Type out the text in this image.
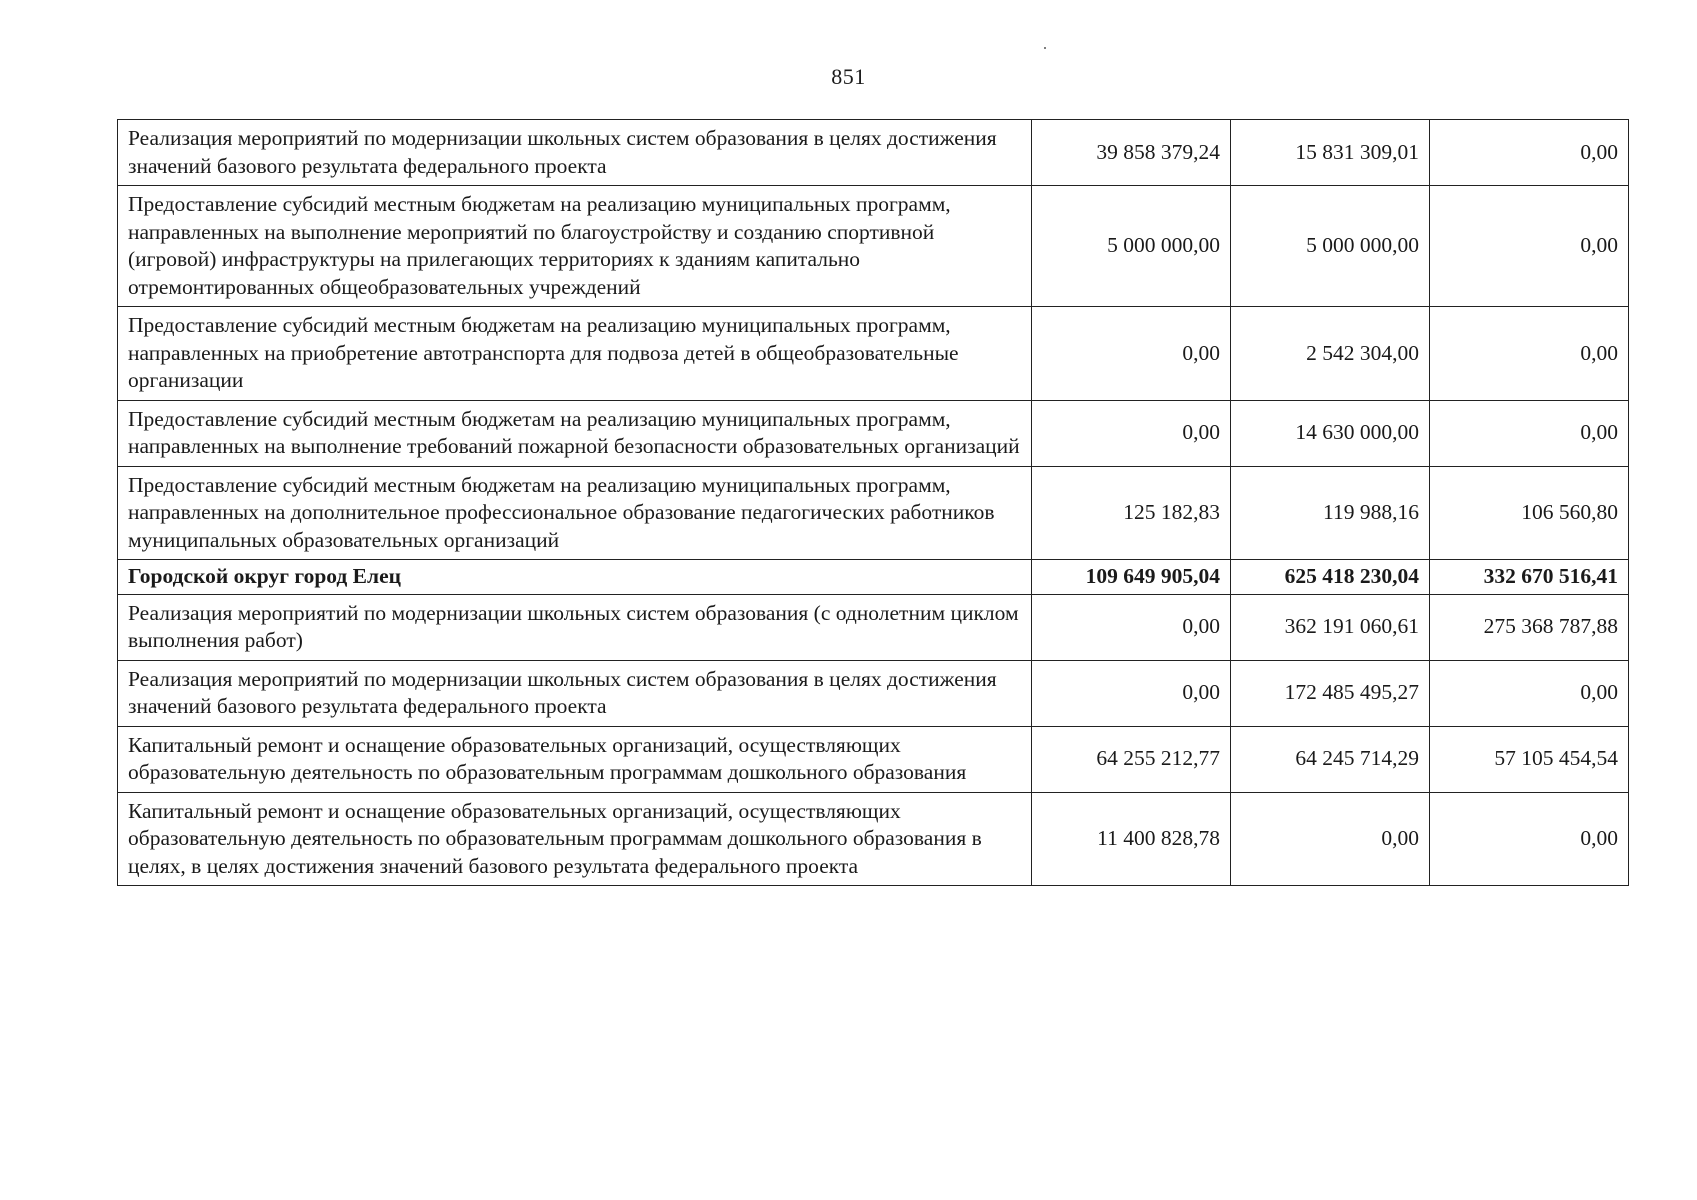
851
Реализация мероприятий по модернизации школьных систем образования в целях достижения значений базового результата федерального проекта	39 858 379,24	15 831 309,01	0,00
Предоставление субсидий местным бюджетам на реализацию муниципальных программ, направленных на выполнение мероприятий по благоустройству и созданию спортивной (игровой) инфраструктуры на прилегающих территориях к зданиям капитально отремонтированных общеобразовательных учреждений	5 000 000,00	5 000 000,00	0,00
Предоставление субсидий местным бюджетам на реализацию муниципальных программ, направленных на приобретение автотранспорта для подвоза детей в общеобразовательные организации	0,00	2 542 304,00	0,00
Предоставление субсидий местным бюджетам на реализацию муниципальных программ, направленных на выполнение требований пожарной безопасности образовательных организаций	0,00	14 630 000,00	0,00
Предоставление субсидий местным бюджетам на реализацию муниципальных программ, направленных на дополнительное профессиональное образование педагогических работников муниципальных образовательных организаций	125 182,83	119 988,16	106 560,80
Городской округ город Елец	109 649 905,04	625 418 230,04	332 670 516,41
Реализация мероприятий по модернизации школьных систем образования (с однолетним циклом выполнения работ)	0,00	362 191 060,61	275 368 787,88
Реализация мероприятий по модернизации школьных систем образования в целях достижения значений базового результата федерального проекта	0,00	172 485 495,27	0,00
Капитальный ремонт и оснащение образовательных организаций, осуществляющих образовательную деятельность по образовательным программам дошкольного образования	64 255 212,77	64 245 714,29	57 105 454,54
Капитальный ремонт и оснащение образовательных организаций, осуществляющих образовательную деятельность по образовательным программам дошкольного образования в целях, в целях достижения значений базового результата федерального проекта	11 400 828,78	0,00	0,00
